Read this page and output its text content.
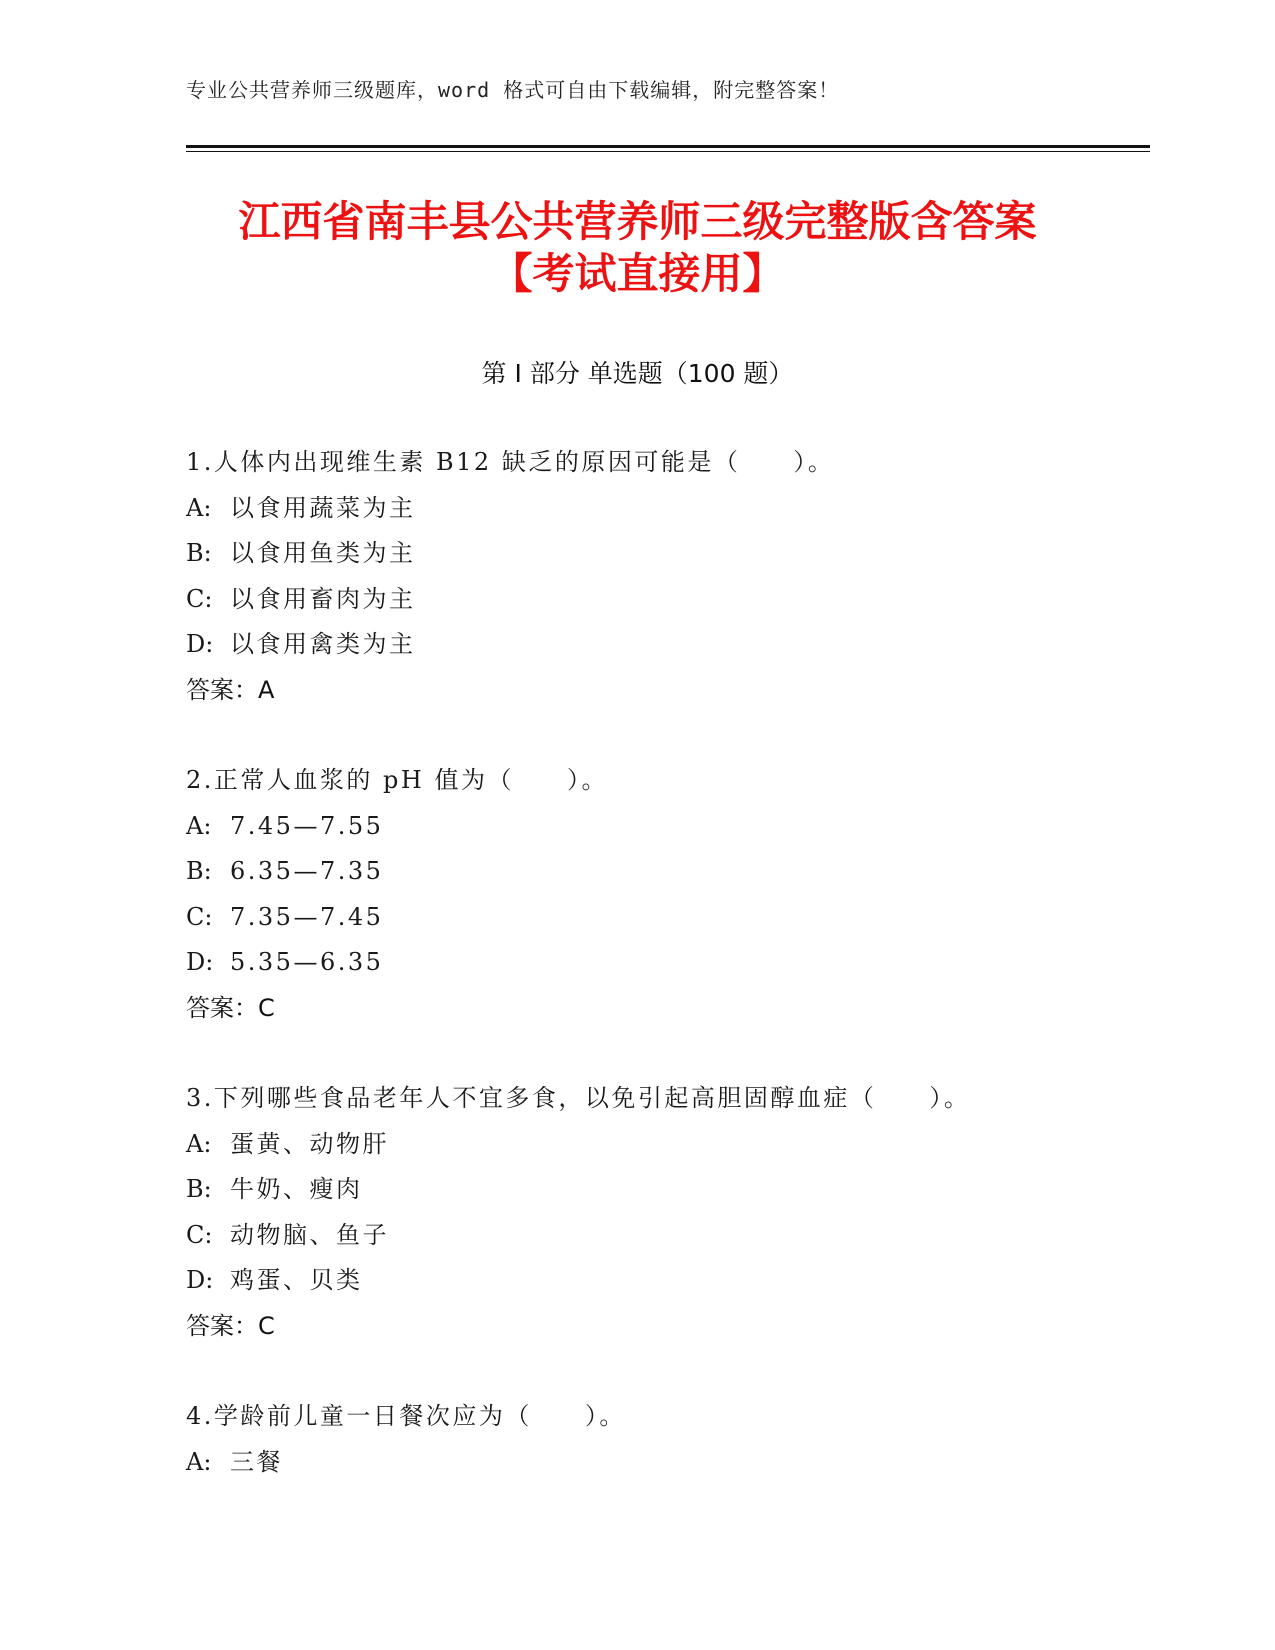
专业公共营养师三级题库，word 格式可自由下载编辑，附完整答案！
江西省南丰县公共营养师三级完整版含答案
【考试直接用】
第 I 部分 单选题（100 题）
1.人体内出现维生素 B12 缺乏的原因可能是（　　）。
A: 以食用蔬菜为主
B: 以食用鱼类为主
C: 以食用畜肉为主
D: 以食用禽类为主
答案：A
2.正常人血浆的 pH 值为（　　）。
A: 7.45—7.55
B: 6.35—7.35
C: 7.35—7.45
D: 5.35—6.35
答案：C
3.下列哪些食品老年人不宜多食，以免引起高胆固醇血症（　　）。
A: 蛋黄、动物肝
B: 牛奶、瘦肉
C: 动物脑、鱼子
D: 鸡蛋、贝类
答案：C
4.学龄前儿童一日餐次应为（　　）。
A: 三餐
